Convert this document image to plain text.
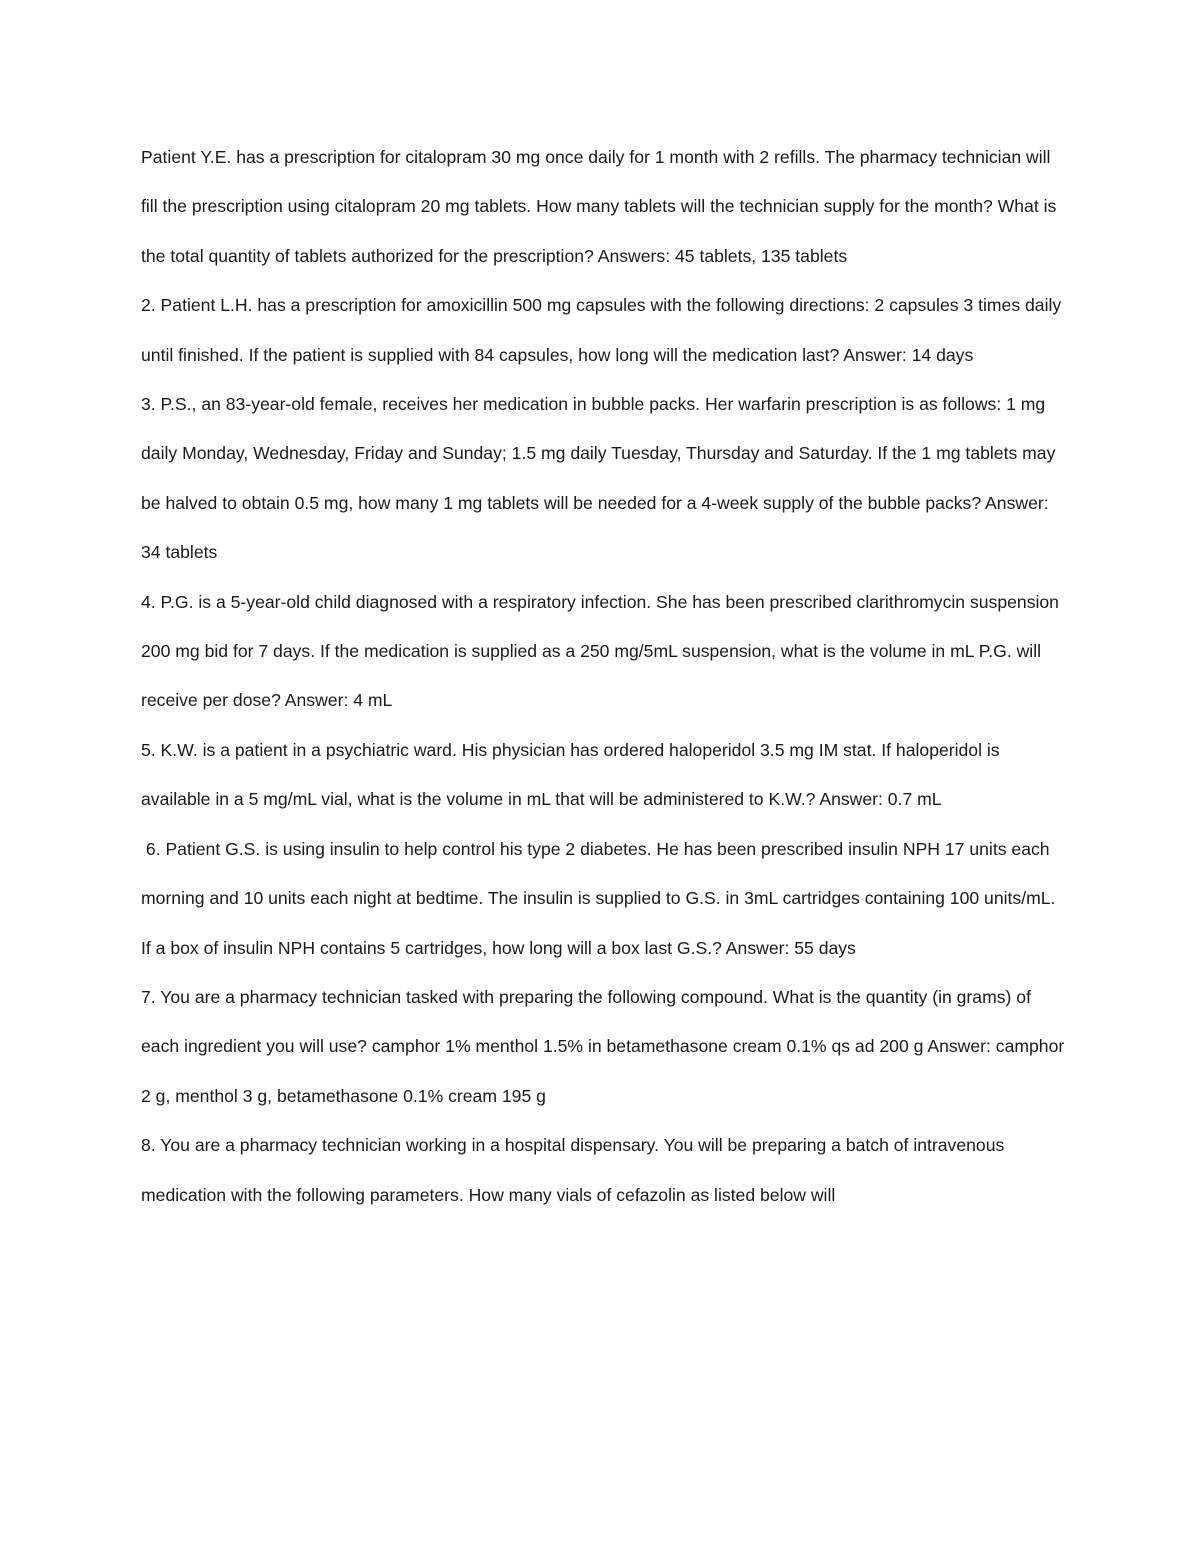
Patient Y.E. has a prescription for citalopram 30 mg once daily for 1 month with 2 refills. The pharmacy technician will fill the prescription using citalopram 20 mg tablets. How many tablets will the technician supply for the month? What is the total quantity of tablets authorized for the prescription? Answers: 45 tablets, 135 tablets

2. Patient L.H. has a prescription for amoxicillin 500 mg capsules with the following directions: 2 capsules 3 times daily until finished. If the patient is supplied with 84 capsules, how long will the medication last? Answer: 14 days

3. P.S., an 83-year-old female, receives her medication in bubble packs. Her warfarin prescription is as follows: 1 mg daily Monday, Wednesday, Friday and Sunday; 1.5 mg daily Tuesday, Thursday and Saturday. If the 1 mg tablets may be halved to obtain 0.5 mg, how many 1 mg tablets will be needed for a 4-week supply of the bubble packs? Answer: 34 tablets

4. P.G. is a 5-year-old child diagnosed with a respiratory infection. She has been prescribed clarithromycin suspension 200 mg bid for 7 days. If the medication is supplied as a 250 mg/5mL suspension, what is the volume in mL P.G. will receive per dose? Answer: 4 mL

5. K.W. is a patient in a psychiatric ward. His physician has ordered haloperidol 3.5 mg IM stat. If haloperidol is available in a 5 mg/mL vial, what is the volume in mL that will be administered to K.W.? Answer: 0.7 mL

6. Patient G.S. is using insulin to help control his type 2 diabetes. He has been prescribed insulin NPH 17 units each morning and 10 units each night at bedtime. The insulin is supplied to G.S. in 3mL cartridges containing 100 units/mL. If a box of insulin NPH contains 5 cartridges, how long will a box last G.S.? Answer: 55 days

7. You are a pharmacy technician tasked with preparing the following compound. What is the quantity (in grams) of each ingredient you will use? camphor 1% menthol 1.5% in betamethasone cream 0.1% qs ad 200 g Answer: camphor 2 g, menthol 3 g, betamethasone 0.1% cream 195 g

8. You are a pharmacy technician working in a hospital dispensary. You will be preparing a batch of intravenous medication with the following parameters. How many vials of cefazolin as listed below will
